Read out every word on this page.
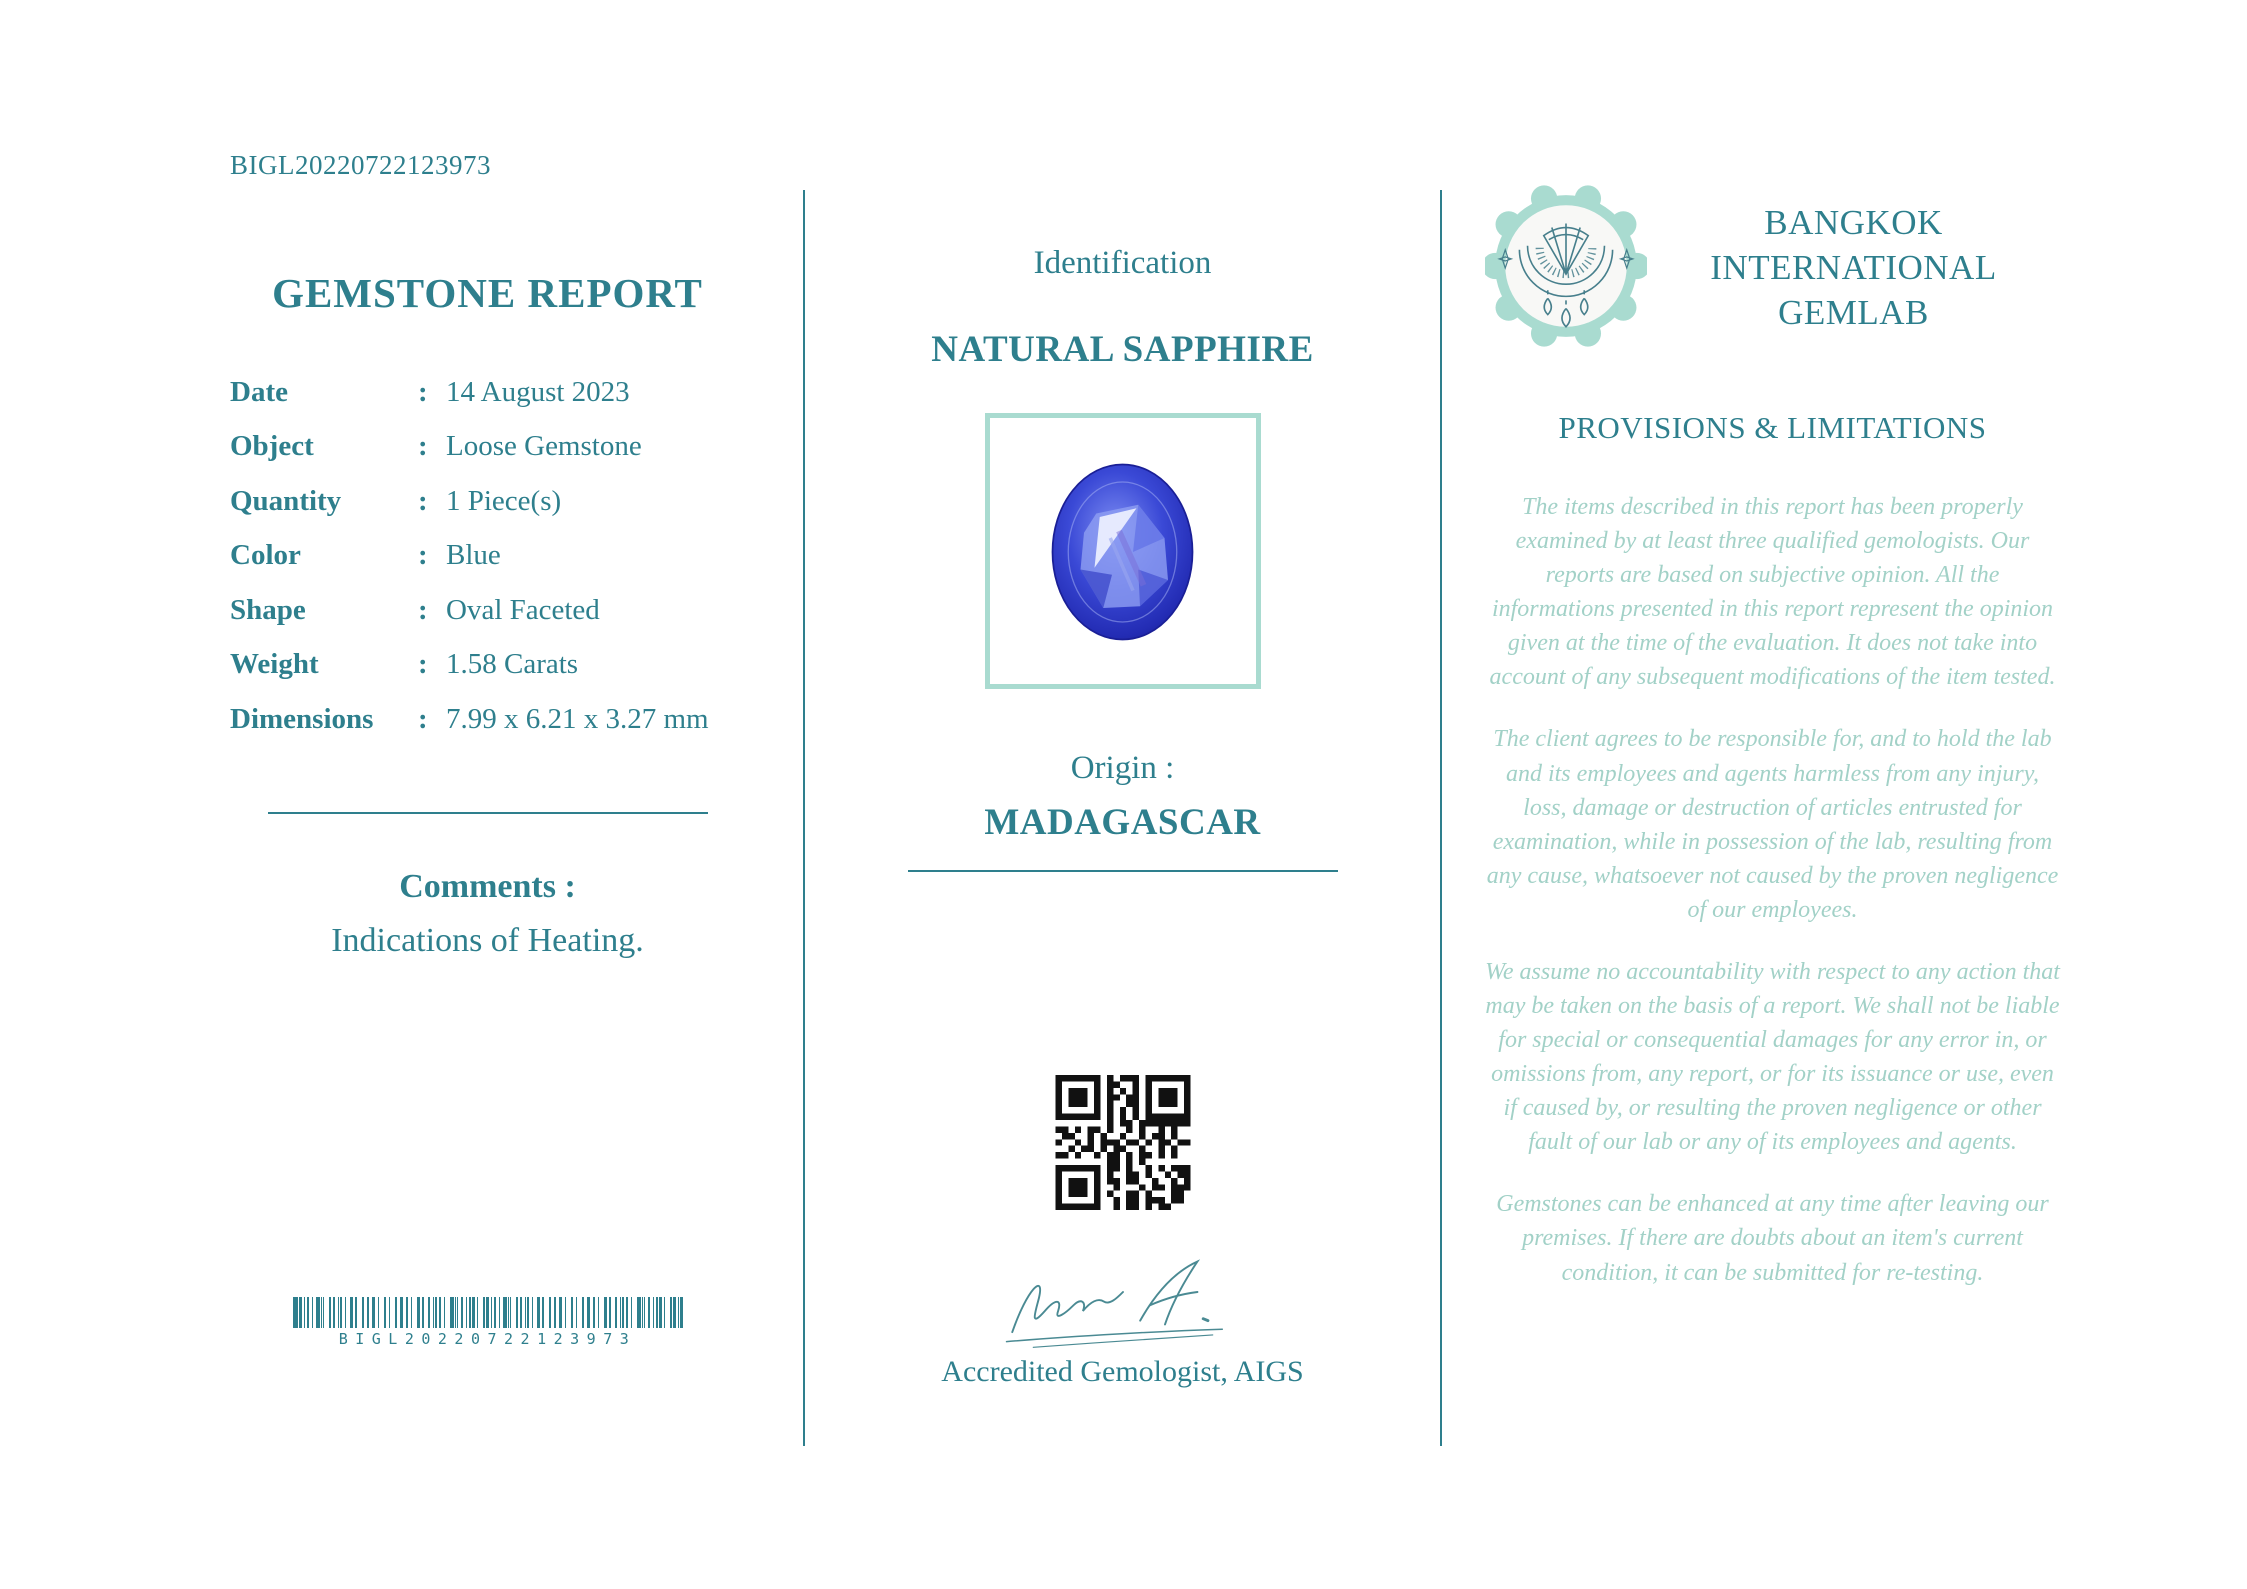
BIGL20220722123973
GEMSTONE REPORT
Date	: 14 August 2023
Object	: Loose Gemstone
Quantity	: 1 Piece(s)
Color	: Blue
Shape	: Oval Faceted
Weight	: 1.58 Carats
Dimensions	: 7.99 x 6.21 x 3.27 mm
Comments :
Indications of Heating.
BIGL20220722123973
Identification
NATURAL SAPPHIRE
Origin :
MADAGASCAR
Accredited Gemologist, AIGS
BANGKOK
INTERNATIONAL
GEMLAB
PROVISIONS & LIMITATIONS

The items described in this report has been properly examined by at least three qualified gemologists. Our reports are based on subjective opinion. All the informations presented in this report represent the opinion given at the time of the evaluation. It does not take into account of any subsequent modifications of the item tested.

The client agrees to be responsible for, and to hold the lab and its employees and agents harmless from any injury, loss, damage or destruction of articles entrusted for examination, while in possession of the lab, resulting from any cause, whatsoever not caused by the proven negligence of our employees.

We assume no accountability with respect to any action that may be taken on the basis of a report. We shall not be liable for special or consequential damages for any error in, or omissions from, any report, or for its issuance or use, even if caused by, or resulting the proven negligence or other fault of our lab or any of its employees and agents.

Gemstones can be enhanced at any time after leaving our premises. If there are doubts about an item's current condition, it can be submitted for re-testing.
